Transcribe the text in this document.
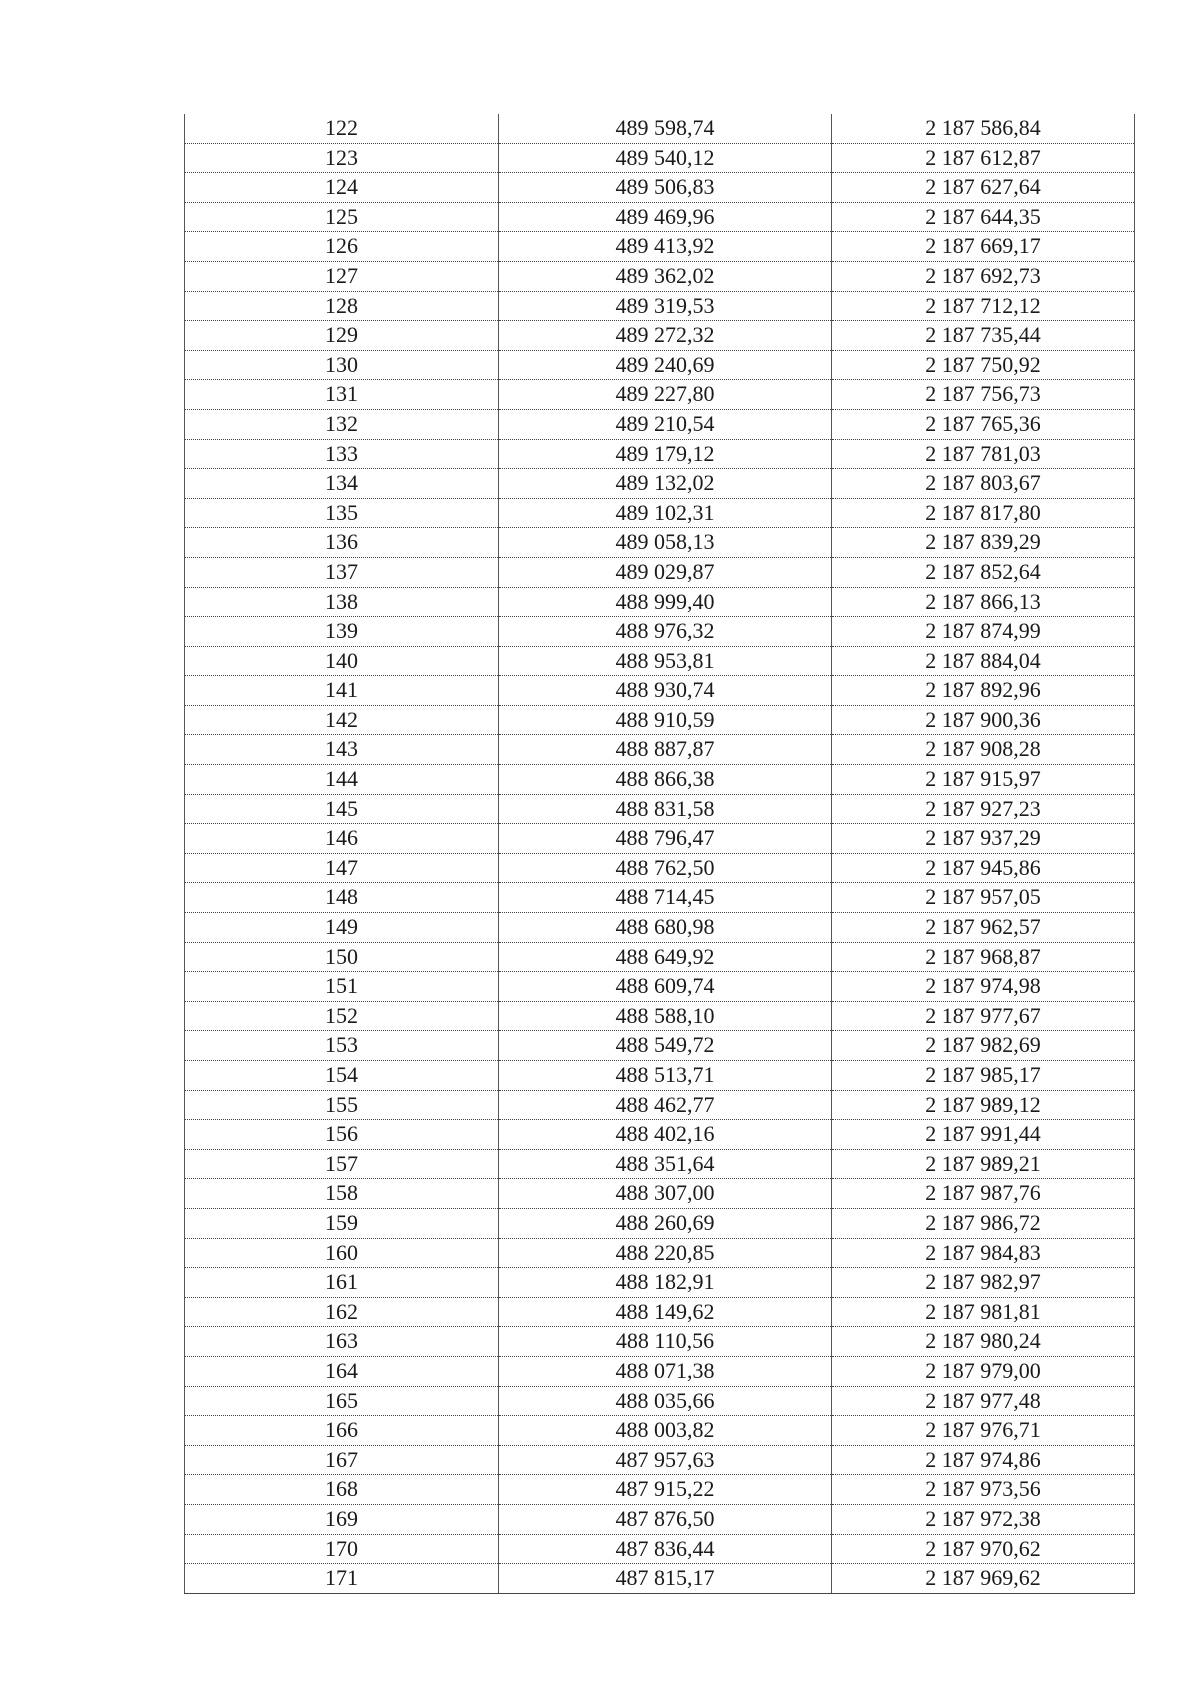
122	489 598,74	2 187 586,84
123	489 540,12	2 187 612,87
124	489 506,83	2 187 627,64
125	489 469,96	2 187 644,35
126	489 413,92	2 187 669,17
127	489 362,02	2 187 692,73
128	489 319,53	2 187 712,12
129	489 272,32	2 187 735,44
130	489 240,69	2 187 750,92
131	489 227,80	2 187 756,73
132	489 210,54	2 187 765,36
133	489 179,12	2 187 781,03
134	489 132,02	2 187 803,67
135	489 102,31	2 187 817,80
136	489 058,13	2 187 839,29
137	489 029,87	2 187 852,64
138	488 999,40	2 187 866,13
139	488 976,32	2 187 874,99
140	488 953,81	2 187 884,04
141	488 930,74	2 187 892,96
142	488 910,59	2 187 900,36
143	488 887,87	2 187 908,28
144	488 866,38	2 187 915,97
145	488 831,58	2 187 927,23
146	488 796,47	2 187 937,29
147	488 762,50	2 187 945,86
148	488 714,45	2 187 957,05
149	488 680,98	2 187 962,57
150	488 649,92	2 187 968,87
151	488 609,74	2 187 974,98
152	488 588,10	2 187 977,67
153	488 549,72	2 187 982,69
154	488 513,71	2 187 985,17
155	488 462,77	2 187 989,12
156	488 402,16	2 187 991,44
157	488 351,64	2 187 989,21
158	488 307,00	2 187 987,76
159	488 260,69	2 187 986,72
160	488 220,85	2 187 984,83
161	488 182,91	2 187 982,97
162	488 149,62	2 187 981,81
163	488 110,56	2 187 980,24
164	488 071,38	2 187 979,00
165	488 035,66	2 187 977,48
166	488 003,82	2 187 976,71
167	487 957,63	2 187 974,86
168	487 915,22	2 187 973,56
169	487 876,50	2 187 972,38
170	487 836,44	2 187 970,62
171	487 815,17	2 187 969,62
